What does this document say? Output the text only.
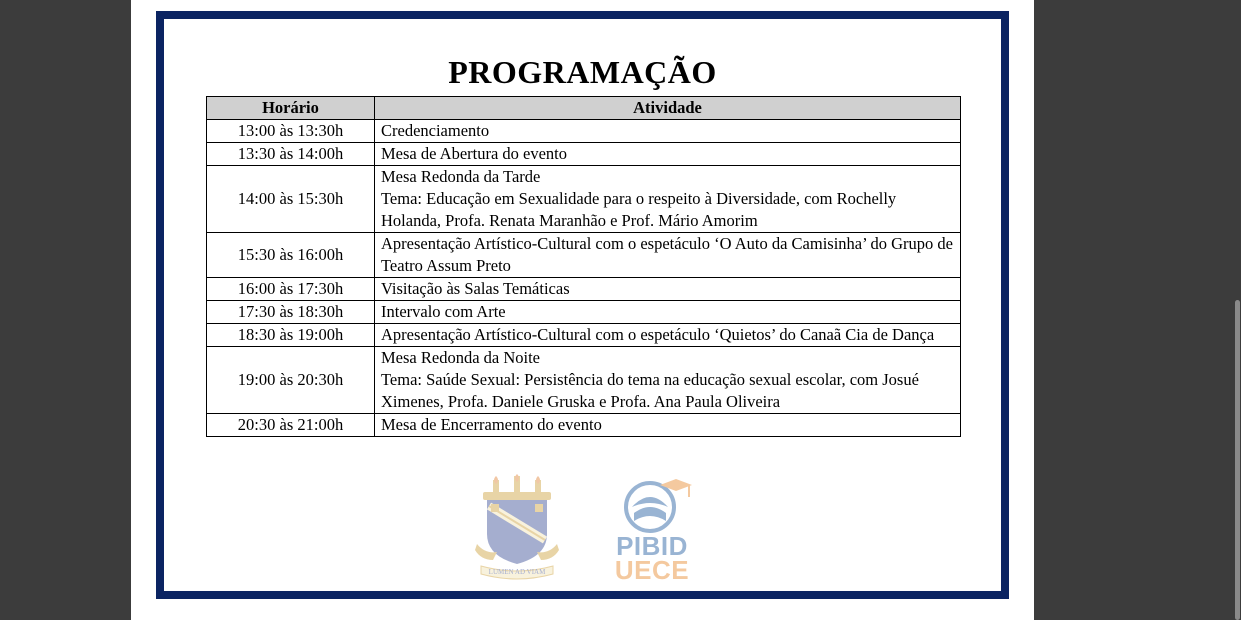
PROGRAMAÇÃO
Horário	Atividade
13:00 às 13:30h	Credenciamento

13:30 às 14:00h	Mesa de Abertura do evento

14:00 às 15:30h	Mesa Redonda da Tarde
Tema: Educação em Sexualidade para o respeito à Diversidade, com Rochelly Holanda, Profa. Renata Maranhão e Prof. Mário Amorim

15:30 às 16:00h	Apresentação Artístico-Cultural com o espetáculo ‘O Auto da Camisinha’ do Grupo de Teatro Assum Preto

16:00 às 17:30h	Visitação às Salas Temáticas

17:30 às 18:30h	Intervalo com Arte

18:30 às 19:00h	Apresentação Artístico-Cultural com o espetáculo ‘Quietos’ do Canaã Cia de Dança

19:00 às 20:30h	Mesa Redonda da Noite
Tema: Saúde Sexual: Persistência do tema na educação sexual escolar, com Josué Ximenes, Profa. Daniele Gruska e Profa. Ana Paula Oliveira

20:30 às 21:00h	Mesa de Encerramento do evento
LUMEN AD VIAM
PIBID
UECE
